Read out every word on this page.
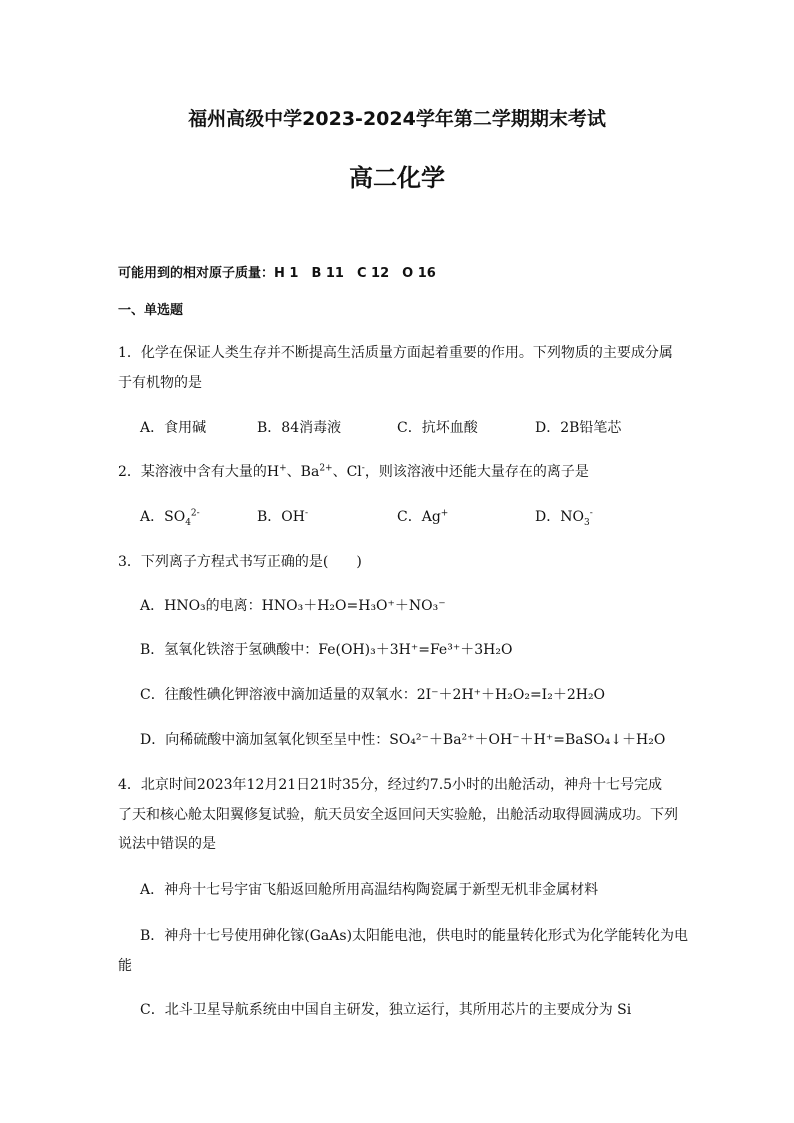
福州高级中学2023-2024学年第二学期期末考试
高二化学
可能用到的相对原子质量：H 1　B 11　C 12　O 16
一、单选题
1．化学在保证人类生存并不断提高生活质量方面起着重要的作用。下列物质的主要成分属
于有机物的是
A．食用碱	B．84消毒液	C．抗坏血酸	D．2B铅笔芯
2．某溶液中含有大量的H+、$Ba^{2+}$、Cl-，则该溶液中还能大量存在的离子是
A．$SO_4^{2-}$	B．OH-	C．Ag+	D．$NO_3^-$
3．下列离子方程式书写正确的是(　　)
A．HNO₃的电离：HNO₃＋H₂O=H₃O⁺＋NO₃⁻
B．氢氧化铁溶于氢碘酸中：Fe(OH)₃＋3H⁺=Fe³⁺＋3H₂O
C．往酸性碘化钾溶液中滴加适量的双氧水：2I⁻＋2H⁺＋H₂O₂=I₂＋2H₂O
D．向稀硫酸中滴加氢氧化钡至呈中性：SO₄²⁻＋Ba²⁺＋OH⁻＋H⁺=BaSO₄↓＋H₂O
4．北京时间2023年12月21日21时35分，经过约7.5小时的出舱活动，神舟十七号完成
了天和核心舱太阳翼修复试验，航天员安全返回问天实验舱，出舱活动取得圆满成功。下列
说法中错误的是
A．神舟十七号宇宙飞船返回舱所用高温结构陶瓷属于新型无机非金属材料
B．神舟十七号使用砷化镓(GaAs)太阳能电池，供电时的能量转化形式为化学能转化为电
能
C．北斗卫星导航系统由中国自主研发，独立运行，其所用芯片的主要成分为 Si
